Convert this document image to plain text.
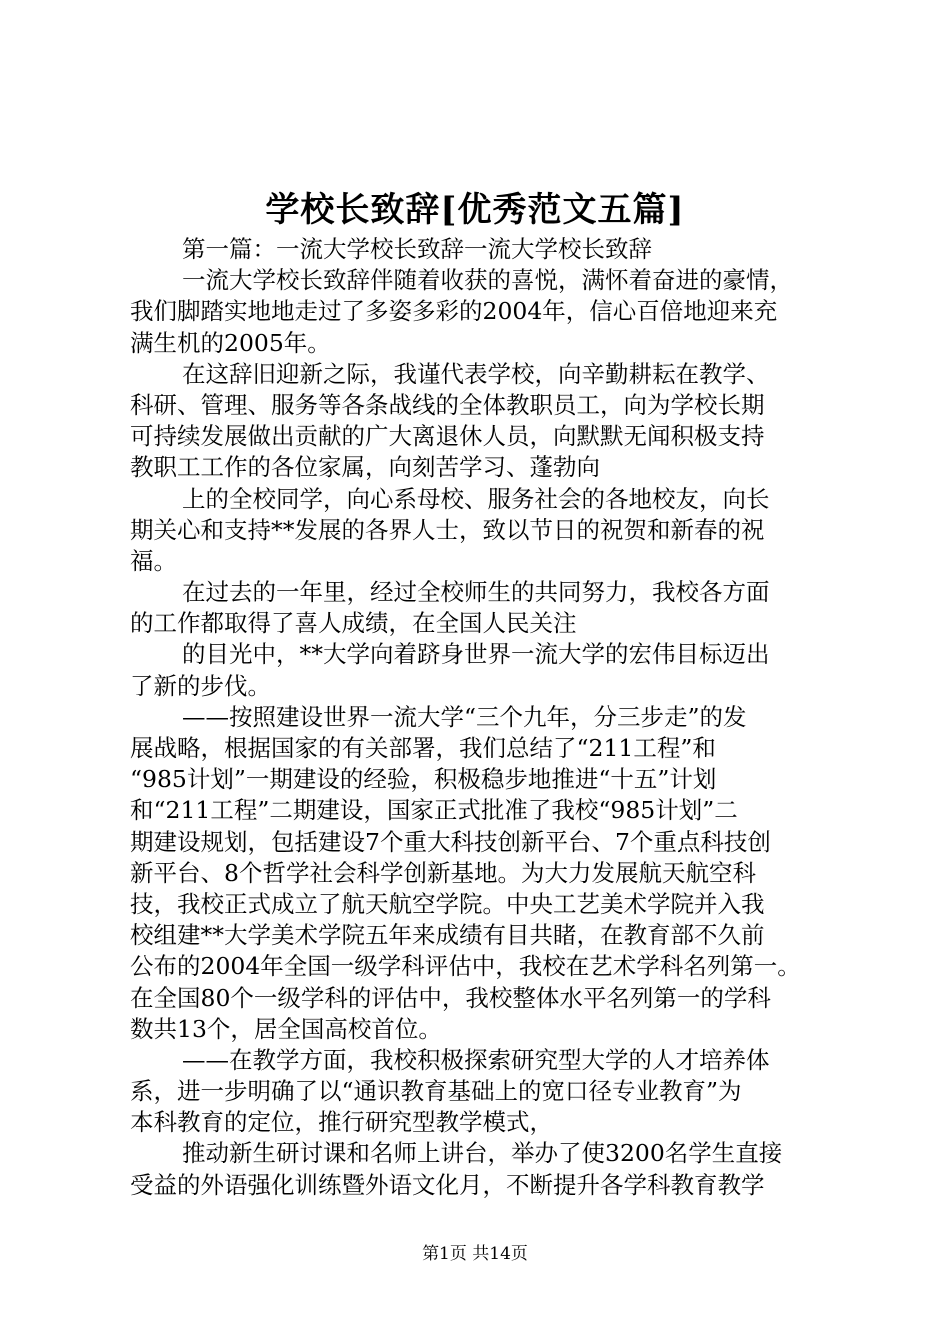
学校长致辞[优秀范文五篇]
第一篇：一流大学校长致辞一流大学校长致辞
一流大学校长致辞伴随着收获的喜悦，满怀着奋进的豪情，
我们脚踏实地地走过了多姿多彩的2004年，信心百倍地迎来充
满生机的2005年。
在这辞旧迎新之际，我谨代表学校，向辛勤耕耘在教学、
科研、管理、服务等各条战线的全体教职员工，向为学校长期
可持续发展做出贡献的广大离退休人员，向默默无闻积极支持
教职工工作的各位家属，向刻苦学习、蓬勃向
上的全校同学，向心系母校、服务社会的各地校友，向长
期关心和支持**发展的各界人士，致以节日的祝贺和新春的祝
福。
在过去的一年里，经过全校师生的共同努力，我校各方面
的工作都取得了喜人成绩，在全国人民关注
的目光中，**大学向着跻身世界一流大学的宏伟目标迈出
了新的步伐。
——按照建设世界一流大学“三个九年，分三步走”的发
展战略，根据国家的有关部署，我们总结了“211工程”和
“985计划”一期建设的经验，积极稳步地推进“十五”计划
和“211工程”二期建设，国家正式批准了我校“985计划”二
期建设规划，包括建设7个重大科技创新平台、7个重点科技创
新平台、8个哲学社会科学创新基地。为大力发展航天航空科
技，我校正式成立了航天航空学院。中央工艺美术学院并入我
校组建**大学美术学院五年来成绩有目共睹，在教育部不久前
公布的2004年全国一级学科评估中，我校在艺术学科名列第一。
在全国80个一级学科的评估中，我校整体水平名列第一的学科
数共13个，居全国高校首位。
——在教学方面，我校积极探索研究型大学的人才培养体
系，进一步明确了以“通识教育基础上的宽口径专业教育”为
本科教育的定位，推行研究型教学模式，
推动新生研讨课和名师上讲台，举办了使3200名学生直接
受益的外语强化训练暨外语文化月，不断提升各学科教育教学
第1页 共14页
